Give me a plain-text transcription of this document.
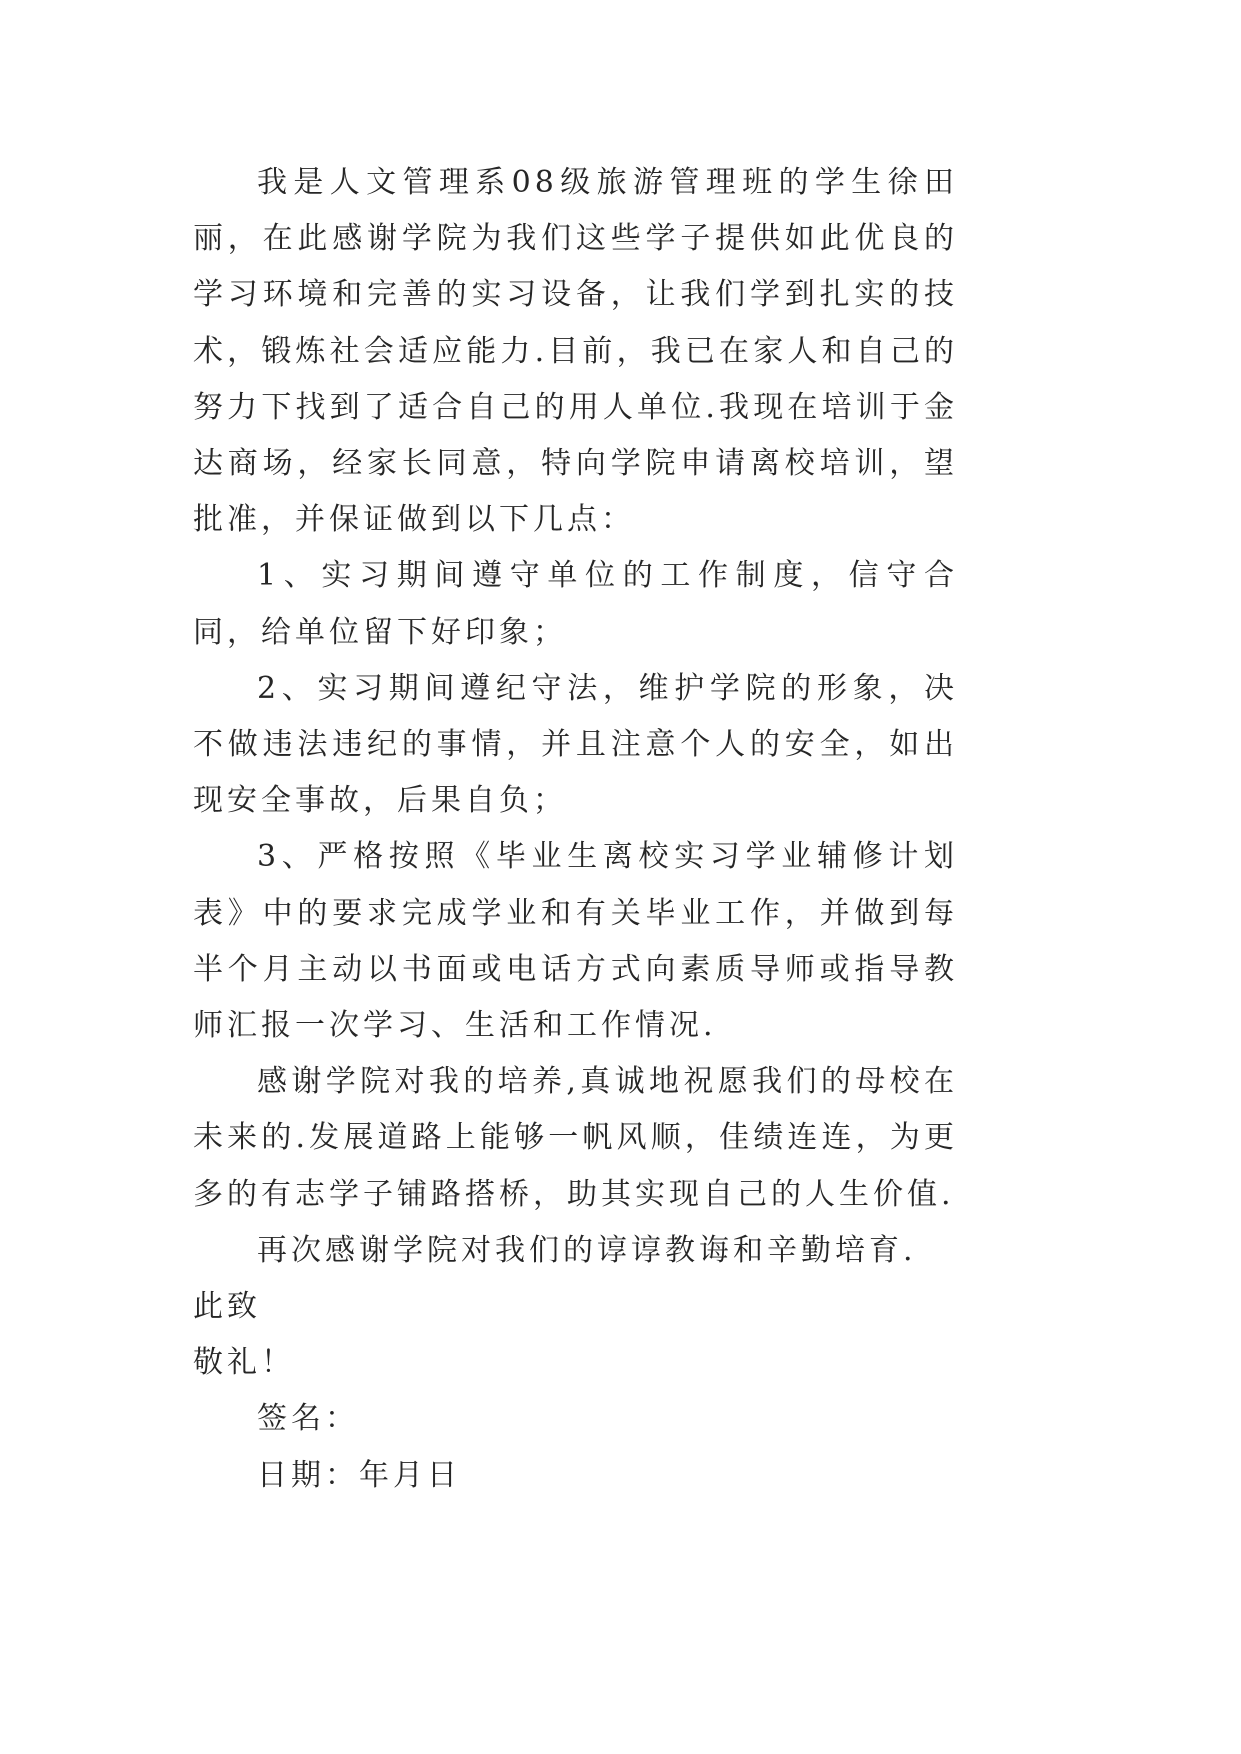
我是人文管理系08级旅游管理班的学生徐田丽，在此感谢学院为我们这些学子提供如此优良的学习环境和完善的实习设备，让我们学到扎实的技术，锻炼社会适应能力.目前，我已在家人和自己的努力下找到了适合自己的用人单位.我现在培训于金达商场，经家长同意，特向学院申请离校培训，望批准，并保证做到以下几点：

1、实习期间遵守单位的工作制度，信守合同，给单位留下好印象；

2、实习期间遵纪守法，维护学院的形象，决不做违法违纪的事情，并且注意个人的安全，如出现安全事故，后果自负；

3、严格按照《毕业生离校实习学业辅修计划表》中的要求完成学业和有关毕业工作，并做到每半个月主动以书面或电话方式向素质导师或指导教师汇报一次学习、生活和工作情况.

感谢学院对我的培养,真诚地祝愿我们的母校在未来的.发展道路上能够一帆风顺，佳绩连连，为更多的有志学子铺路搭桥，助其实现自己的人生价值.

再次感谢学院对我们的谆谆教诲和辛勤培育.

此致

敬礼！

签名：

日期：年月日
